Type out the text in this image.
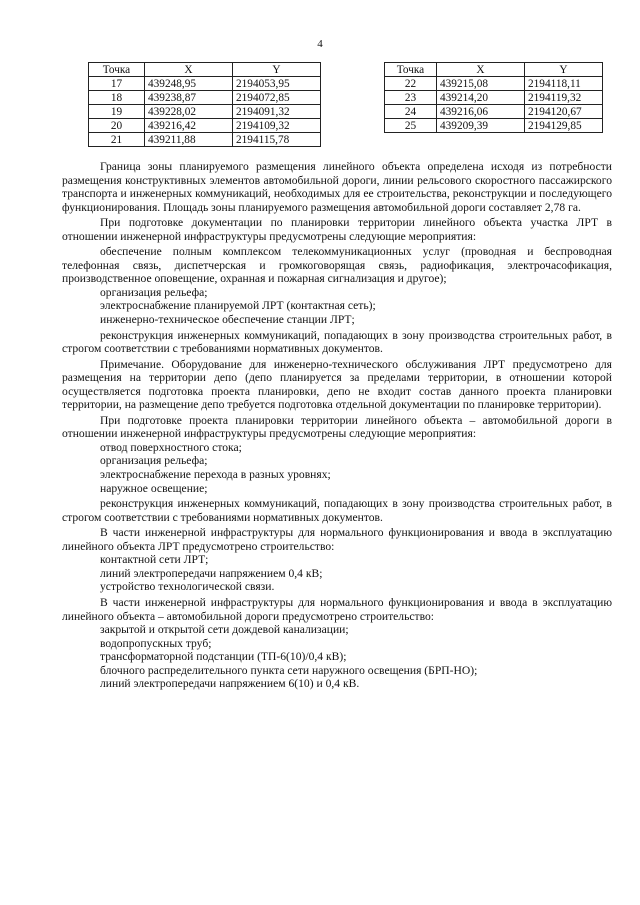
4
Точка	X	Y
17	439248,95	2194053,95
18	439238,87	2194072,85
19	439228,02	2194091,32
20	439216,42	2194109,32
21	439211,88	2194115,78
Точка	X	Y
22	439215,08	2194118,11
23	439214,20	2194119,32
24	439216,06	2194120,67
25	439209,39	2194129,85

Граница зоны планируемого размещения линейного объекта определена исходя из потребности размещения конструктивных элементов автомобильной дороги, линии рельсового скоростного пассажирского транспорта и инженерных коммуникаций, необходимых для ее строительства, реконструкции и последующего функционирования. Площадь зоны планируемого размещения автомобильной дороги составляет 2,78 га.

При подготовке документации по планировки территории линейного объекта участка ЛРТ в отношении инженерной инфраструктуры предусмотрены следующие мероприятия:

обеспечение полным комплексом телекоммуникационных услуг (проводная и беспроводная телефонная связь, диспетчерская и громкоговорящая связь, радиофикация, электрочасофикация, производственное оповещение, охранная и пожарная сигнализация и другое);

организация рельефа;

электроснабжение планируемой ЛРТ (контактная сеть);

инженерно-техническое обеспечение станции ЛРТ;

реконструкция инженерных коммуникаций, попадающих в зону производства строительных работ, в строгом соответствии с требованиями нормативных документов.

Примечание. Оборудование для инженерно-технического обслуживания ЛРТ предусмотрено для размещения на территории депо (депо планируется за пределами территории, в отношении которой осуществляется подготовка проекта планировки, депо не входит состав данного проекта планировки территории, на размещение депо требуется подготовка отдельной документации по планировке территории).

При подготовке проекта планировки территории линейного объекта – автомобильной дороги в отношении инженерной инфраструктуры предусмотрены следующие мероприятия:

отвод поверхностного стока;

организация рельефа;

электроснабжение перехода в разных уровнях;

наружное освещение;

реконструкция инженерных коммуникаций, попадающих в зону производства строительных работ, в строгом соответствии с требованиями нормативных документов.

В части инженерной инфраструктуры для нормального функционирования и ввода в эксплуатацию линейного объекта ЛРТ предусмотрено строительство:

контактной сети ЛРТ;

линий электропередачи напряжением 0,4 кВ;

устройство технологической связи.

В части инженерной инфраструктуры для нормального функционирования и ввода в эксплуатацию линейного объекта – автомобильной дороги предусмотрено строительство:

закрытой и открытой сети дождевой канализации;

водопропускных труб;

трансформаторной подстанции (ТП-6(10)/0,4 кВ);

блочного распределительного пункта сети наружного освещения (БРП-НО);

линий электропередачи напряжением 6(10) и 0,4 кВ.
